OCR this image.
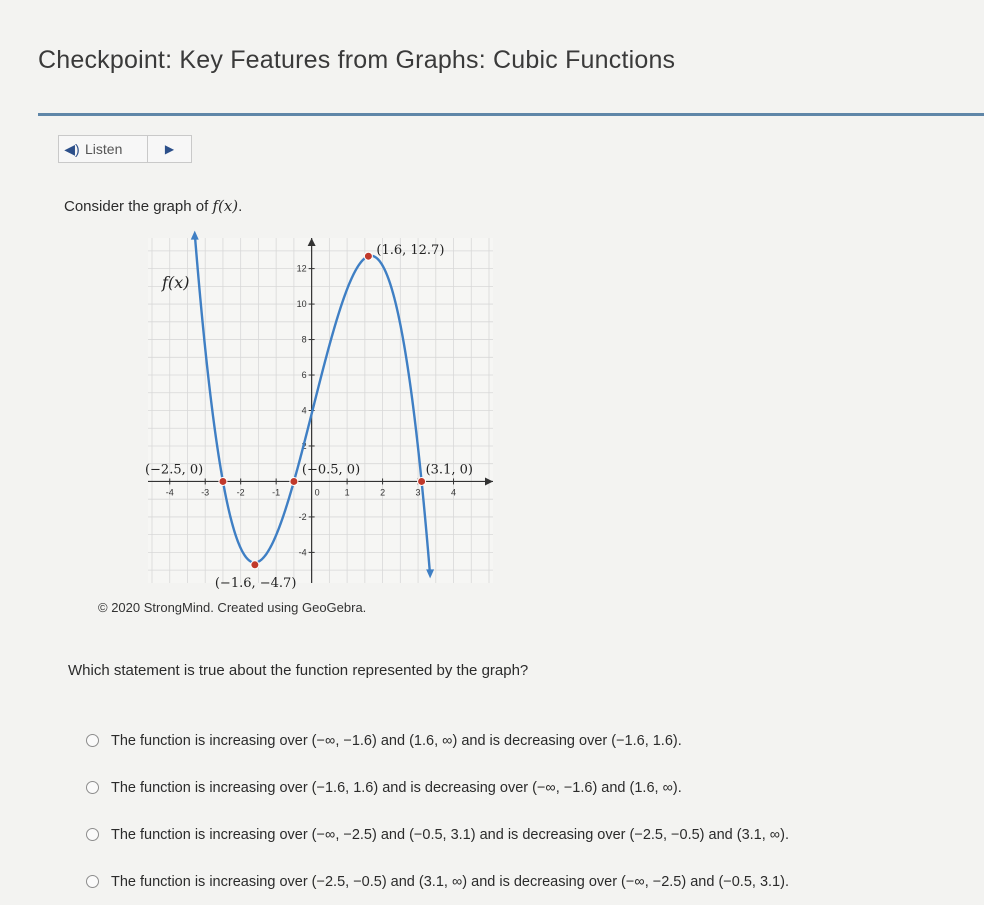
Checkpoint: Key Features from Graphs: Cubic Functions
◀) Listen	▶
Consider the graph of f(x).
-4	-3	-2	-1	1	2	3	4
-4
-2
2
4
6
8
10
12
0
f(x)
(−2.5, 0)
(−1.6, −4.7)
(−0.5, 0)
(1.6, 12.7)
(3.1, 0)
© 2020 StrongMind. Created using GeoGebra.
Which statement is true about the function represented by the graph?
The function is increasing over (−∞, −1.6) and (1.6, ∞) and is decreasing over (−1.6, 1.6).
The function is increasing over (−1.6, 1.6) and is decreasing over (−∞, −1.6) and (1.6, ∞).
The function is increasing over (−∞, −2.5) and (−0.5, 3.1) and is decreasing over (−2.5, −0.5) and (3.1, ∞).
The function is increasing over (−2.5, −0.5) and (3.1, ∞) and is decreasing over (−∞, −2.5) and (−0.5, 3.1).
